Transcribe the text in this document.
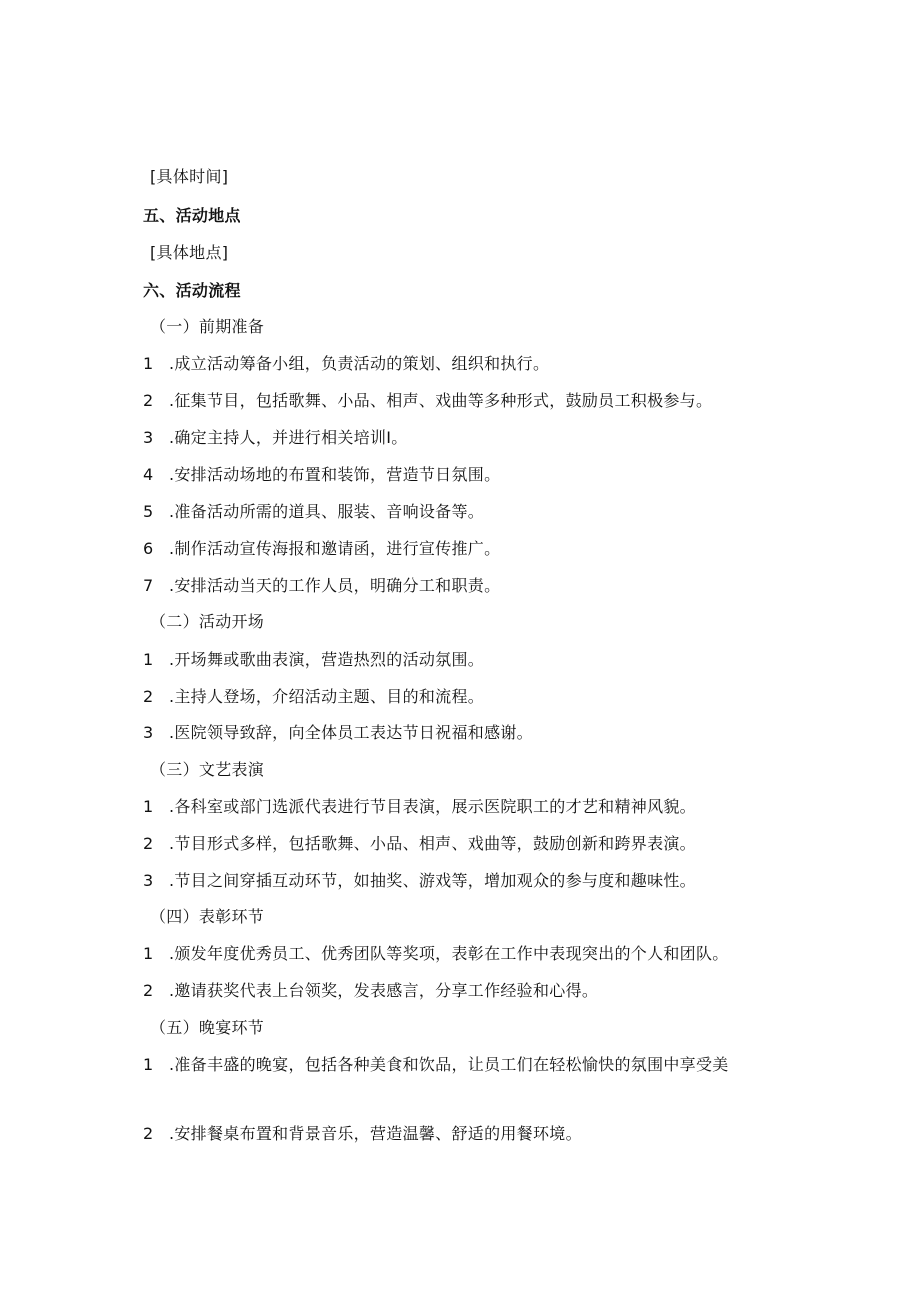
[具体时间]
五、活动地点
[具体地点]
六、活动流程
（一）前期准备
1 .成立活动筹备小组，负责活动的策划、组织和执行。
2 .征集节目，包括歌舞、小品、相声、戏曲等多种形式，鼓励员工积极参与。
3 .确定主持人，并进行相关培训I。
4 .安排活动场地的布置和装饰，营造节日氛围。
5 .准备活动所需的道具、服装、音响设备等。
6 .制作活动宣传海报和邀请函，进行宣传推广。
7 .安排活动当天的工作人员，明确分工和职责。
（二）活动开场
1 .开场舞或歌曲表演，营造热烈的活动氛围。
2 .主持人登场，介绍活动主题、目的和流程。
3 .医院领导致辞，向全体员工表达节日祝福和感谢。
（三）文艺表演
1 .各科室或部门选派代表进行节目表演，展示医院职工的才艺和精神风貌。
2 .节目形式多样，包括歌舞、小品、相声、戏曲等，鼓励创新和跨界表演。
3 .节目之间穿插互动环节，如抽奖、游戏等，增加观众的参与度和趣味性。
（四）表彰环节
1 .颁发年度优秀员工、优秀团队等奖项，表彰在工作中表现突出的个人和团队。
2 .邀请获奖代表上台领奖，发表感言，分享工作经验和心得。
（五）晚宴环节
1 .准备丰盛的晚宴，包括各种美食和饮品，让员工们在轻松愉快的氛围中享受美
2 .安排餐桌布置和背景音乐，营造温馨、舒适的用餐环境。
